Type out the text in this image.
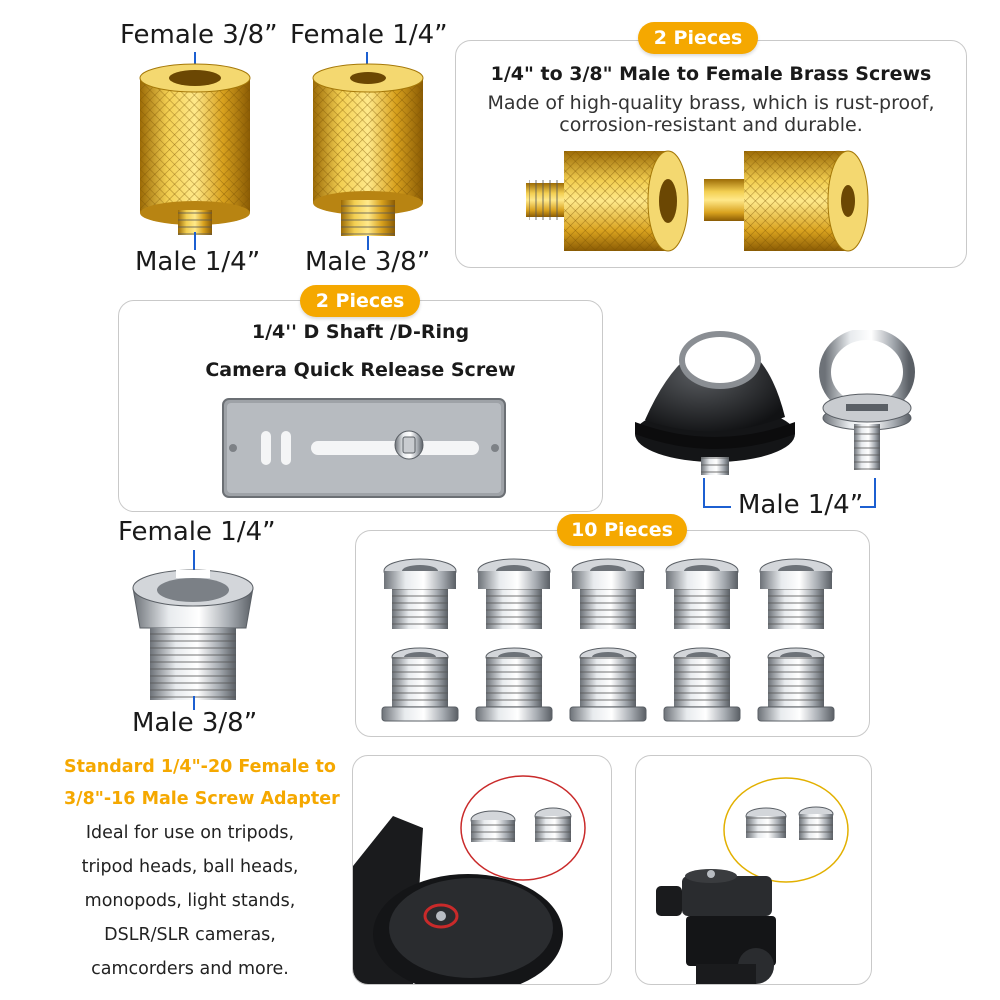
Female 3/8” Female 1/4”
Male 1/4” Male 3/8”
1/4" to 3/8" Male to Female Brass Screws
Made of high-quality brass, which is rust-proof,
corrosion-resistant and durable.
2 Pieces
1/4'' D Shaft /D-Ring
Camera Quick Release Screw
2 Pieces
Male 1/4”
Female 1/4”
Male 3/8”
10 Pieces
Standard 1/4"-20 Female to
3/8"-16 Male Screw Adapter
Ideal for use on tripods,
tripod heads, ball heads,
monopods, light stands,
DSLR/SLR cameras,
camcorders and more.
